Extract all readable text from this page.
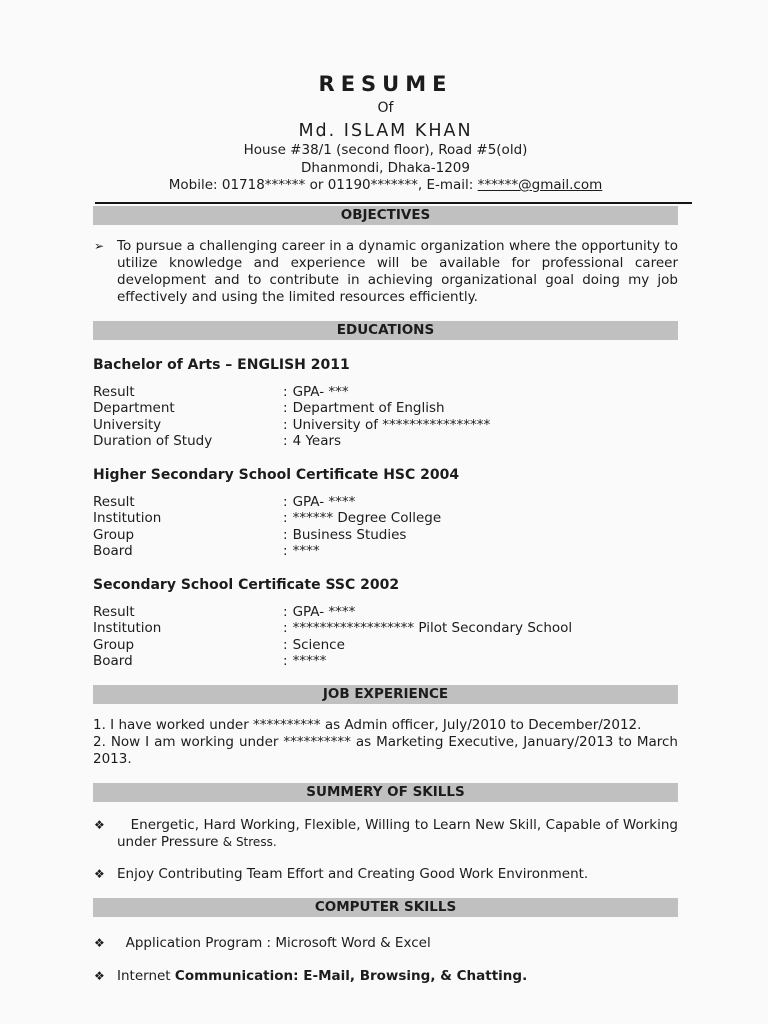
RESUME
Of
Md. ISLAM KHAN
House #38/1 (second floor), Road #5(old)
Dhanmondi, Dhaka-1209
Mobile: 01718****** or 01190*******, E-mail: ******@gmail.com
OBJECTIVES

➢ To pursue a challenging career in a dynamic organization where the opportunity to utilize knowledge and experience will be available for professional career development and to contribute in achieving organizational goal doing my job effectively and using the limited resources efficiently.

EDUCATIONS
Bachelor of Arts – ENGLISH 2011
Result	: GPA- ***
Department	: Department of English
University	: University of ****************
Duration of Study	: 4 Years
Higher Secondary School Certificate HSC 2004
Result	: GPA- ****
Institution	: ****** Degree College
Group	: Business Studies
Board	: ****
Secondary School Certificate SSC 2002
Result	: GPA- ****
Institution	: ****************** Pilot Secondary School
Group	: Science
Board	: *****
JOB EXPERIENCE

1. I have worked under ********** as Admin officer, July/2010 to December/2012.

2. Now I am working under ********** as Marketing Executive, January/2013 to March 2013.

SUMMERY OF SKILLS

❖ Energetic, Hard Working, Flexible, Willing to Learn New Skill, Capable of Working under Pressure & Stress.

❖ Enjoy Contributing Team Effort and Creating Good Work Environment.

COMPUTER SKILLS

❖ Application Program : Microsoft Word & Excel

❖ Internet Communication: E-Mail, Browsing, & Chatting.
